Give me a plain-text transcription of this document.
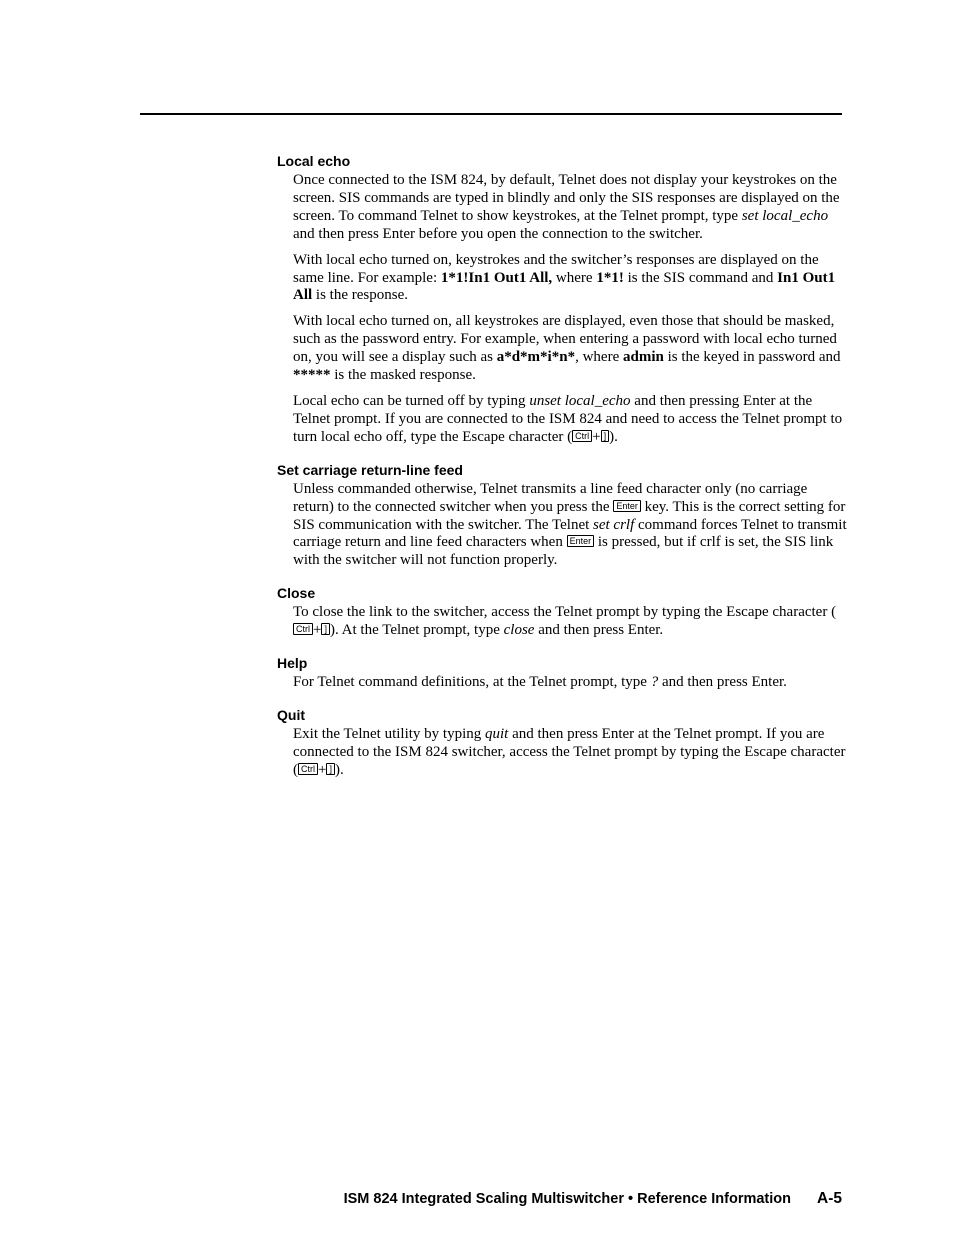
Local echo

Once connected to the ISM 824, by default, Telnet does not display your keystrokes on the screen. SIS commands are typed in blindly and only the SIS responses are displayed on the screen. To command Telnet to show keystrokes, at the Telnet prompt, type set local_echo and then press Enter before you open the connection to the switcher.

With local echo turned on, keystrokes and the switcher’s responses are displayed on the same line. For example: 1*1!In1 Out1 All, where 1*1! is the SIS command and In1 Out1 All is the response.

With local echo turned on, all keystrokes are displayed, even those that should be masked, such as the password entry. For example, when entering a password with local echo turned on, you will see a display such as a*d*m*i*n*, where admin is the keyed in password and ***** is the masked response.

Local echo can be turned off by typing unset local_echo and then pressing Enter at the Telnet prompt. If you are connected to the ISM 824 and need to access the Telnet prompt to turn local echo off, type the Escape character ( Ctrl + ] ).

Set carriage return-line feed

Unless commanded otherwise, Telnet transmits a line feed character only (no carriage return) to the connected switcher when you press the Enter key. This is the correct setting for SIS communication with the switcher. The Telnet set crlf command forces Telnet to transmit carriage return and line feed characters when Enter is pressed, but if crlf is set, the SIS link with the switcher will not function properly.

Close

To close the link to the switcher, access the Telnet prompt by typing the Escape character (Ctrl + ] ). At the Telnet prompt, type close and then press Enter.

Help

For Telnet command definitions, at the Telnet prompt, type ? and then press Enter.

Quit

Exit the Telnet utility by typing quit and then press Enter at the Telnet prompt. If you are connected to the ISM 824 switcher, access the Telnet prompt by typing the Escape character ( Ctrl + ] ).

ISM 824 Integrated Scaling Multiswitcher • Reference Information A-5
